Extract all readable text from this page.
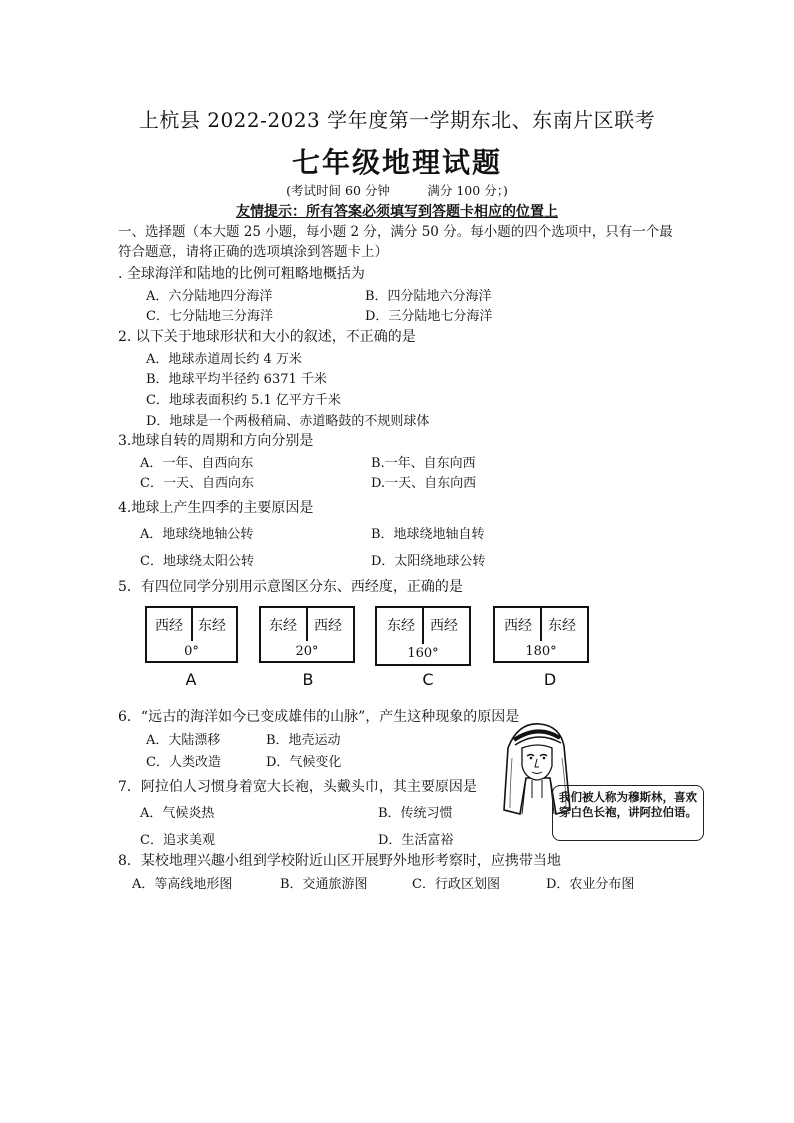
上杭县 2022-2023 学年度第一学期东北、东南片区联考
七年级地理试题
(考试时间 60 分钟　　　满分 100 分；)
友情提示：所有答案必须填写到答题卡相应的位置上
一、选择题（本大题 25 小题，每小题 2 分，满分 50 分。每小题的四个选项中，只有一个最符合题意，请将正确的选项填涂到答题卡上）
. 全球海洋和陆地的比例可粗略地概括为
A．六分陆地四分海洋	B．四分陆地六分海洋
C．七分陆地三分海洋	D．三分陆地七分海洋
2. 以下关于地球形状和大小的叙述，不正确的是
A．地球赤道周长约 4 万米
B．地球平均半径约 6371 千米
C．地球表面积约 5.1 亿平方千米
D．地球是一个两极稍扁、赤道略鼓的不规则球体
3.地球自转的周期和方向分别是
A．一年、自西向东	B.一年、自东向西
C．一天、自西向东	D.一天、自东向西
4.地球上产生四季的主要原因是
A．地球绕地轴公转	B．地球绕地轴自转
C．地球绕太阳公转	D．太阳绕地球公转
5．有四位同学分别用示意图区分东、西经度，正确的是
西经 东经
0°
A
东经 西经
20°
B
东经 西经
160°
C
西经 东经
180°
D
6．“远古的海洋如今已变成雄伟的山脉”，产生这种现象的原因是
A．大陆漂移	B．地壳运动
C．人类改造	D．气候变化
7．阿拉伯人习惯身着宽大长袍，头戴头巾，其主要原因是
A．气候炎热	B．传统习惯
C．追求美观	D．生活富裕
8．某校地理兴趣小组到学校附近山区开展野外地形考察时，应携带当地
A．等高线地形图	B．交通旅游图	C．行政区划图	D．农业分布图
我们被人称为穆斯林，喜欢穿白色长袍，讲阿拉伯语。
